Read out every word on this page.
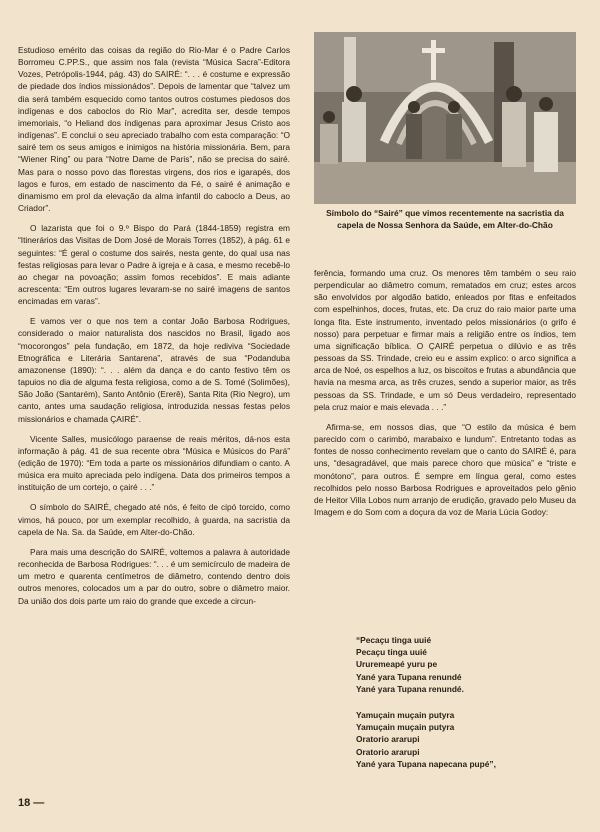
Estudioso emérito das coisas da região do Rio-Mar é o Padre Carlos Borromeu C.PP.S., que assim nos fala (revista “Música Sacra”-Editora Vozes, Petrópolis-1944, pág. 43) do SAIRÉ: “. . . é costume e expressão de piedade dos índios missionádos”. Depois de lamentar que “talvez um dia será também esquecido como tantos outros costumes piedosos dos indígenas e dos caboclos do Rio Mar”, acredita ser, desde tempos imemoriais, “o Heliand dos índigenas para aproximar Jesus Cristo aos indígenas”. E conclui o seu apreciado trabalho com esta comparação: “O sairé tem os seus amigos e inimigos na história missionária. Bem, para “Wiener Ring” ou para “Notre Dame de Paris”, não se precisa do sairé. Mas para o nosso povo das florestas virgens, dos rios e igarapés, dos lagos e furos, em estado de nascimento da Fé, o sairé é animação e dinamismo em prol da elevação da alma infantil do caboclo a Deus, ao Criador”.

O lazarista que foi o 9.º Bispo do Pará (1844-1859) registra em “Itinerários das Visitas de Dom José de Morais Torres (1852), à pág. 61 e seguintes: “É geral o costume dos sairés, nesta gente, do qual usa nas festas religiosas para levar o Padre à igreja e à casa, e mesmo recebê-lo ao chegar na povoação; assim fomos recebidos”. E mais adiante acrescenta: “Em outros lugares levaram-se no sairé imagens de santos encimadas em varas”.

E vamos ver o que nos tem a contar João Barbosa Rodrigues, considerado o maior naturalista dos nascidos no Brasil, ligado aos “mocorongos” pela fundação, em 1872, da hoje rediviva “Sociedade Etnográfica e Literária Santarena”, através de sua “Podanduba amazonense (1890): “. . . além da dança e do canto festivo têm os tapuios no dia de alguma festa religiosa, como a de S. Tomé (Solimões), São João (Santarém), Santo Antônio (Ererê), Santa Rita (Rio Negro), um canto, antes uma saudação religiosa, introduzida nessas festas pelos missionários e chamada ÇAIRÉ”.

Vicente Salles, musicólogo paraense de reais méritos, dá-nos esta informação à pág. 41 de sua recente obra “Música e Músicos do Pará” (edição de 1970): “Em toda a parte os missionários difundiam o canto. A música era muito apreciada pelo indígena. Data dos primeiros tempos a instituição de um cortejo, o çairé . . .”

O símbolo do SAIRÉ, chegado até nós, é feito de cipó torcido, como vimos, há pouco, por um exemplar recolhido, à guarda, na sacristia da capela de Na. Sa. da Saúde, em Alter-do-Chão.

Para mais uma descrição do SAIRÉ, voltemos a palavra à autoridade reconhecida de Barbosa Rodrigues: “. . . é um semicírculo de madeira de um metro e quarenta centímetros de diâmetro, contendo dentro dois outros menores, colocados um a par do outro, sobre o diâmetro maior. Da união dos dois parte um raio do grande que excede a circun-

Símbolo do “Sairé” que vimos recentemente na sacristia da capela de Nossa Senhora da Saúde, em Alter-do-Chão

ferência, formando uma cruz. Os menores têm também o seu raio perpendicular ao diâmetro comum, rematados em cruz; estes arcos são envolvidos por algodão batido, enleados por fitas e enfeitados com espelhinhos, doces, frutas, etc. Da cruz do raio maior parte uma longa fita. Este instrumento, inventado pelos missionários (o grifo é nosso) para perpetuar e firmar mais a religião entre os índios, tem uma significação bíblica. O ÇAIRÉ perpetua o dilúvio e as três pessoas da SS. Trindade, creio eu e assim explico: o arco significa a arca de Noé, os espelhos a luz, os biscoitos e frutas a abundância que havia na mesma arca, as três cruzes, sendo a superior maior, as três pessoas da SS. Trindade, e um só Deus verdadeiro, representado pela cruz maior e mais elevada . . .”

Afirma-se, em nossos dias, que “O estilo da música é bem parecido com o carimbó, marabaixo e lundum”. Entretanto todas as fontes de nosso conhecimento revelam que o canto do SAIRÉ é, para uns, “desagradável, que mais parece choro que música” e “triste e monótono”, para outros. É sempre em língua geral, como estes recolhidos pelo nosso Barbosa Rodrigues e aproveitados pelo gênio de Heitor Villa Lobos num arranjo de erudição, gravado pelo Museu da Imagem e do Som com a doçura da voz de Maria Lúcia Godoy:

“Pecaçu tinga uuié
Pecaçu tinga uuié
Ururemeapé yuru pe
Yané yara Tupana renundé
Yané yara Tupana renundé.
Yamuçain muçain putyra
Yamuçain muçain putyra
Oratorio ararupi
Oratorio ararupi
Yané yara Tupana napecana pupé”,
18 —
